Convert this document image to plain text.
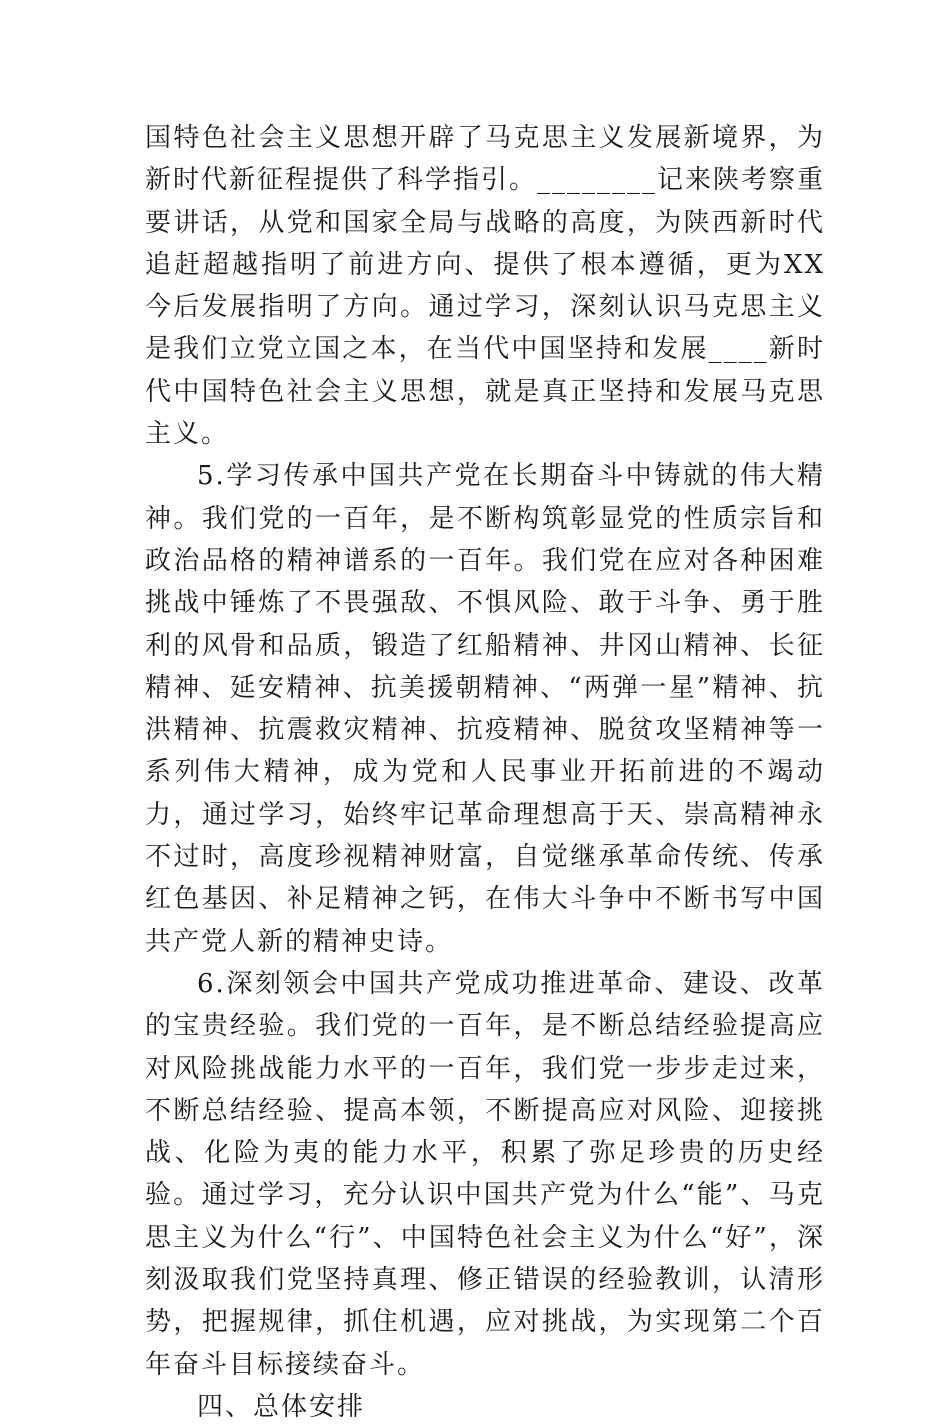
国特色社会主义思想开辟了马克思主义发展新境界，为新时代新征程提供了科学指引。________记来陕考察重要讲话，从党和国家全局与战略的高度，为陕西新时代追赶超越指明了前进方向、提供了根本遵循，更为XX今后发展指明了方向。通过学习，深刻认识马克思主义是我们立党立国之本，在当代中国坚持和发展____新时代中国特色社会主义思想，就是真正坚持和发展马克思主义。

5.学习传承中国共产党在长期奋斗中铸就的伟大精神。我们党的一百年，是不断构筑彰显党的性质宗旨和政治品格的精神谱系的一百年。我们党在应对各种困难挑战中锤炼了不畏强敌、不惧风险、敢于斗争、勇于胜利的风骨和品质，锻造了红船精神、井冈山精神、长征精神、延安精神、抗美援朝精神、“两弹一星”精神、抗洪精神、抗震救灾精神、抗疫精神、脱贫攻坚精神等一系列伟大精神，成为党和人民事业开拓前进的不竭动力，通过学习，始终牢记革命理想高于天、崇高精神永不过时，高度珍视精神财富，自觉继承革命传统、传承红色基因、补足精神之钙，在伟大斗争中不断书写中国共产党人新的精神史诗。

6.深刻领会中国共产党成功推进革命、建设、改革的宝贵经验。我们党的一百年，是不断总结经验提高应对风险挑战能力水平的一百年，我们党一步步走过来，不断总结经验、提高本领，不断提高应对风险、迎接挑战、化险为夷的能力水平，积累了弥足珍贵的历史经验。通过学习，充分认识中国共产党为什么“能”、马克思主义为什么“行”、中国特色社会主义为什么“好”，深刻汲取我们党坚持真理、修正错误的经验教训，认清形势，把握规律，抓住机遇，应对挑战，为实现第二个百年奋斗目标接续奋斗。

四、总体安排
